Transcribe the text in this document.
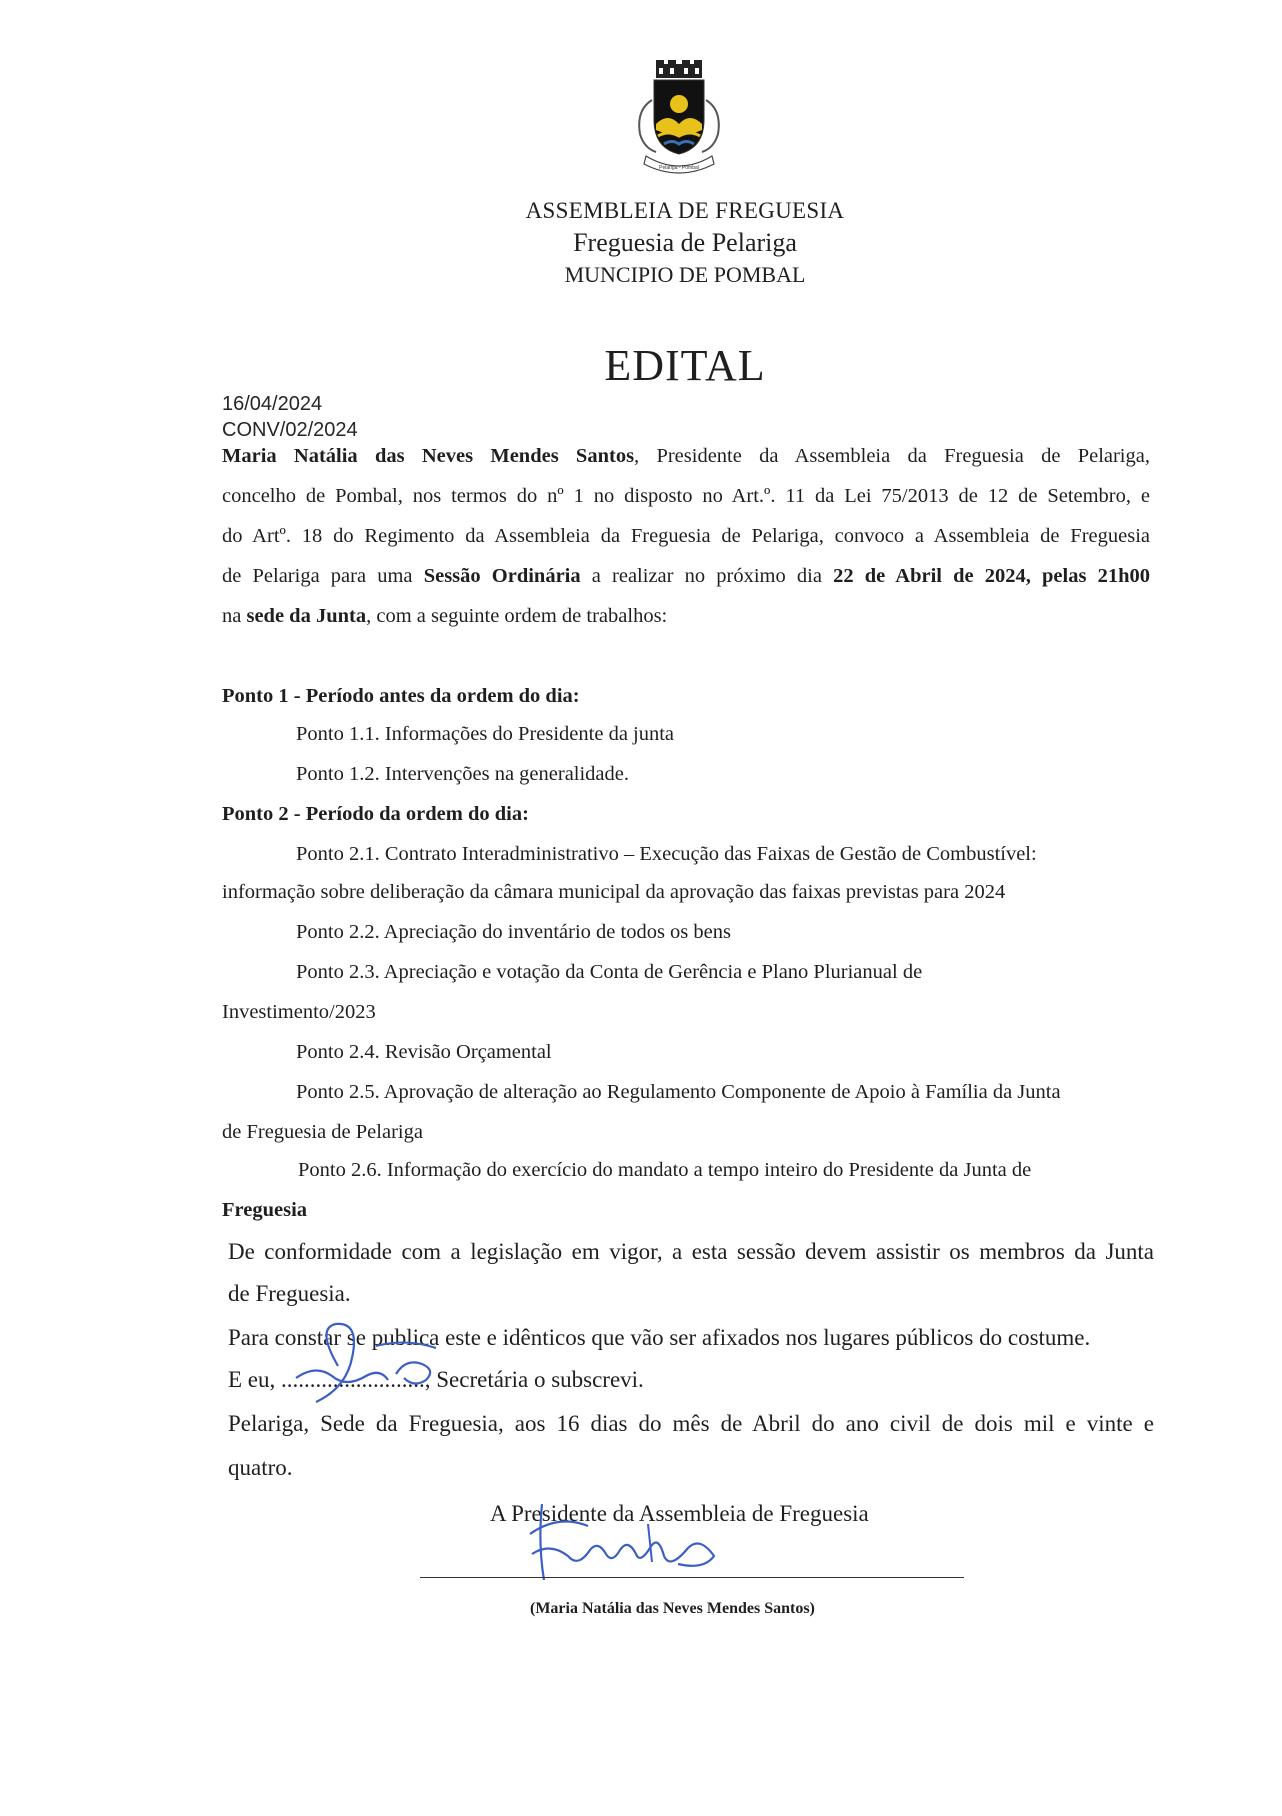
Pelariga - Pombal
ASSEMBLEIA DE FREGUESIA
Freguesia de Pelariga
MUNCIPIO DE POMBAL
EDITAL
16/04/2024
CONV/02/2024
Maria Natália das Neves Mendes Santos, Presidente da Assembleia da Freguesia de Pelariga,
concelho de Pombal, nos termos do nº 1 no disposto no Art.º. 11 da Lei 75/2013 de 12 de Setembro, e
do Artº. 18 do Regimento da Assembleia da Freguesia de Pelariga, convoco a Assembleia de Freguesia
de Pelariga para uma Sessão Ordinária a realizar no próximo dia 22 de Abril de 2024, pelas 21h00
na sede da Junta, com a seguinte ordem de trabalhos:
Ponto 1 - Período antes da ordem do dia:
Ponto 1.1. Informações do Presidente da junta
Ponto 1.2. Intervenções na generalidade.
Ponto 2 - Período da ordem do dia:
Ponto 2.1. Contrato Interadministrativo – Execução das Faixas de Gestão de Combustível:
informação sobre deliberação da câmara municipal da aprovação das faixas previstas para 2024
Ponto 2.2. Apreciação do inventário de todos os bens
Ponto 2.3. Apreciação e votação da Conta de Gerência e Plano Plurianual de
Investimento/2023
Ponto 2.4. Revisão Orçamental
Ponto 2.5. Aprovação de alteração ao Regulamento Componente de Apoio à Família da Junta
de Freguesia de Pelariga
Ponto 2.6. Informação do exercício do mandato a tempo inteiro do Presidente da Junta de
Freguesia
De conformidade com a legislação em vigor, a esta sessão devem assistir os membros da Junta
de Freguesia.
Para constar se publica este e idênticos que vão ser afixados nos lugares públicos do costume.
E eu, ........................., Secretária o subscrevi.
Pelariga, Sede da Freguesia, aos 16 dias do mês de Abril do ano civil de dois mil e vinte e
quatro.
A Presidente da Assembleia de Freguesia
(Maria Natália das Neves Mendes Santos)
